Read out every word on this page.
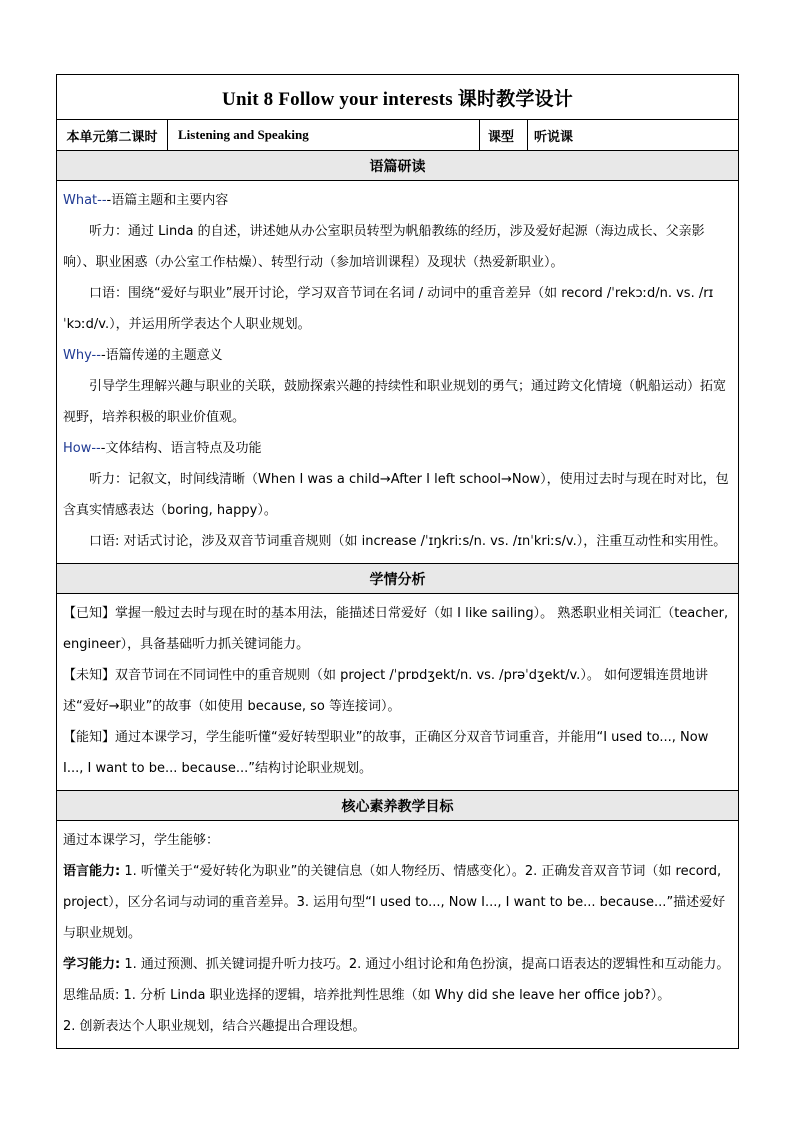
Unit 8 Follow your interests 课时教学设计
本单元第二课时	Listening and Speaking	课型	听说课
语篇研读

What---语篇主题和主要内容

听力：通过 Linda 的自述，讲述她从办公室职员转型为帆船教练的经历，涉及爱好起源（海边成长、父亲影响）、职业困惑（办公室工作枯燥）、转型行动（参加培训课程）及现状（热爱新职业）。

口语：围绕“爱好与职业”展开讨论，学习双音节词在名词 / 动词中的重音差异（如 record /ˈrekɔːd/n. vs. /rɪˈkɔːd/v.），并运用所学表达个人职业规划。

Why---语篇传递的主题意义

引导学生理解兴趣与职业的关联，鼓励探索兴趣的持续性和职业规划的勇气；通过跨文化情境（帆船运动）拓宽视野，培养积极的职业价值观。

How---文体结构、语言特点及功能

听力：记叙文，时间线清晰（When I was a child→After I left school→Now），使用过去时与现在时对比，包含真实情感表达（boring, happy）。

口语: 对话式讨论，涉及双音节词重音规则（如 increase /ˈɪŋkriːs/n. vs. /ɪnˈkriːs/v.），注重互动性和实用性。

学情分析

【已知】掌握一般过去时与现在时的基本用法，能描述日常爱好（如 I like sailing）。 熟悉职业相关词汇（teacher, engineer），具备基础听力抓关键词能力。

【未知】双音节词在不同词性中的重音规则（如 project /ˈprɒdʒekt/n. vs. /prəˈdʒekt/v.）。 如何逻辑连贯地讲述“爱好→职业”的故事（如使用 because, so 等连接词）。

【能知】通过本课学习，学生能听懂“爱好转型职业”的故事，正确区分双音节词重音，并能用“I used to..., Now I..., I want to be... because...”结构讨论职业规划。

核心素养教学目标

通过本课学习，学生能够：

语言能力: 1. 听懂关于“爱好转化为职业”的关键信息（如人物经历、情感变化）。2. 正确发音双音节词（如 record, project），区分名词与动词的重音差异。3. 运用句型“I used to..., Now I..., I want to be... because...”描述爱好与职业规划。

学习能力: 1. 通过预测、抓关键词提升听力技巧。2. 通过小组讨论和角色扮演，提高口语表达的逻辑性和互动能力。

思维品质: 1. 分析 Linda 职业选择的逻辑，培养批判性思维（如 Why did she leave her office job?）。

2. 创新表达个人职业规划，结合兴趣提出合理设想。
